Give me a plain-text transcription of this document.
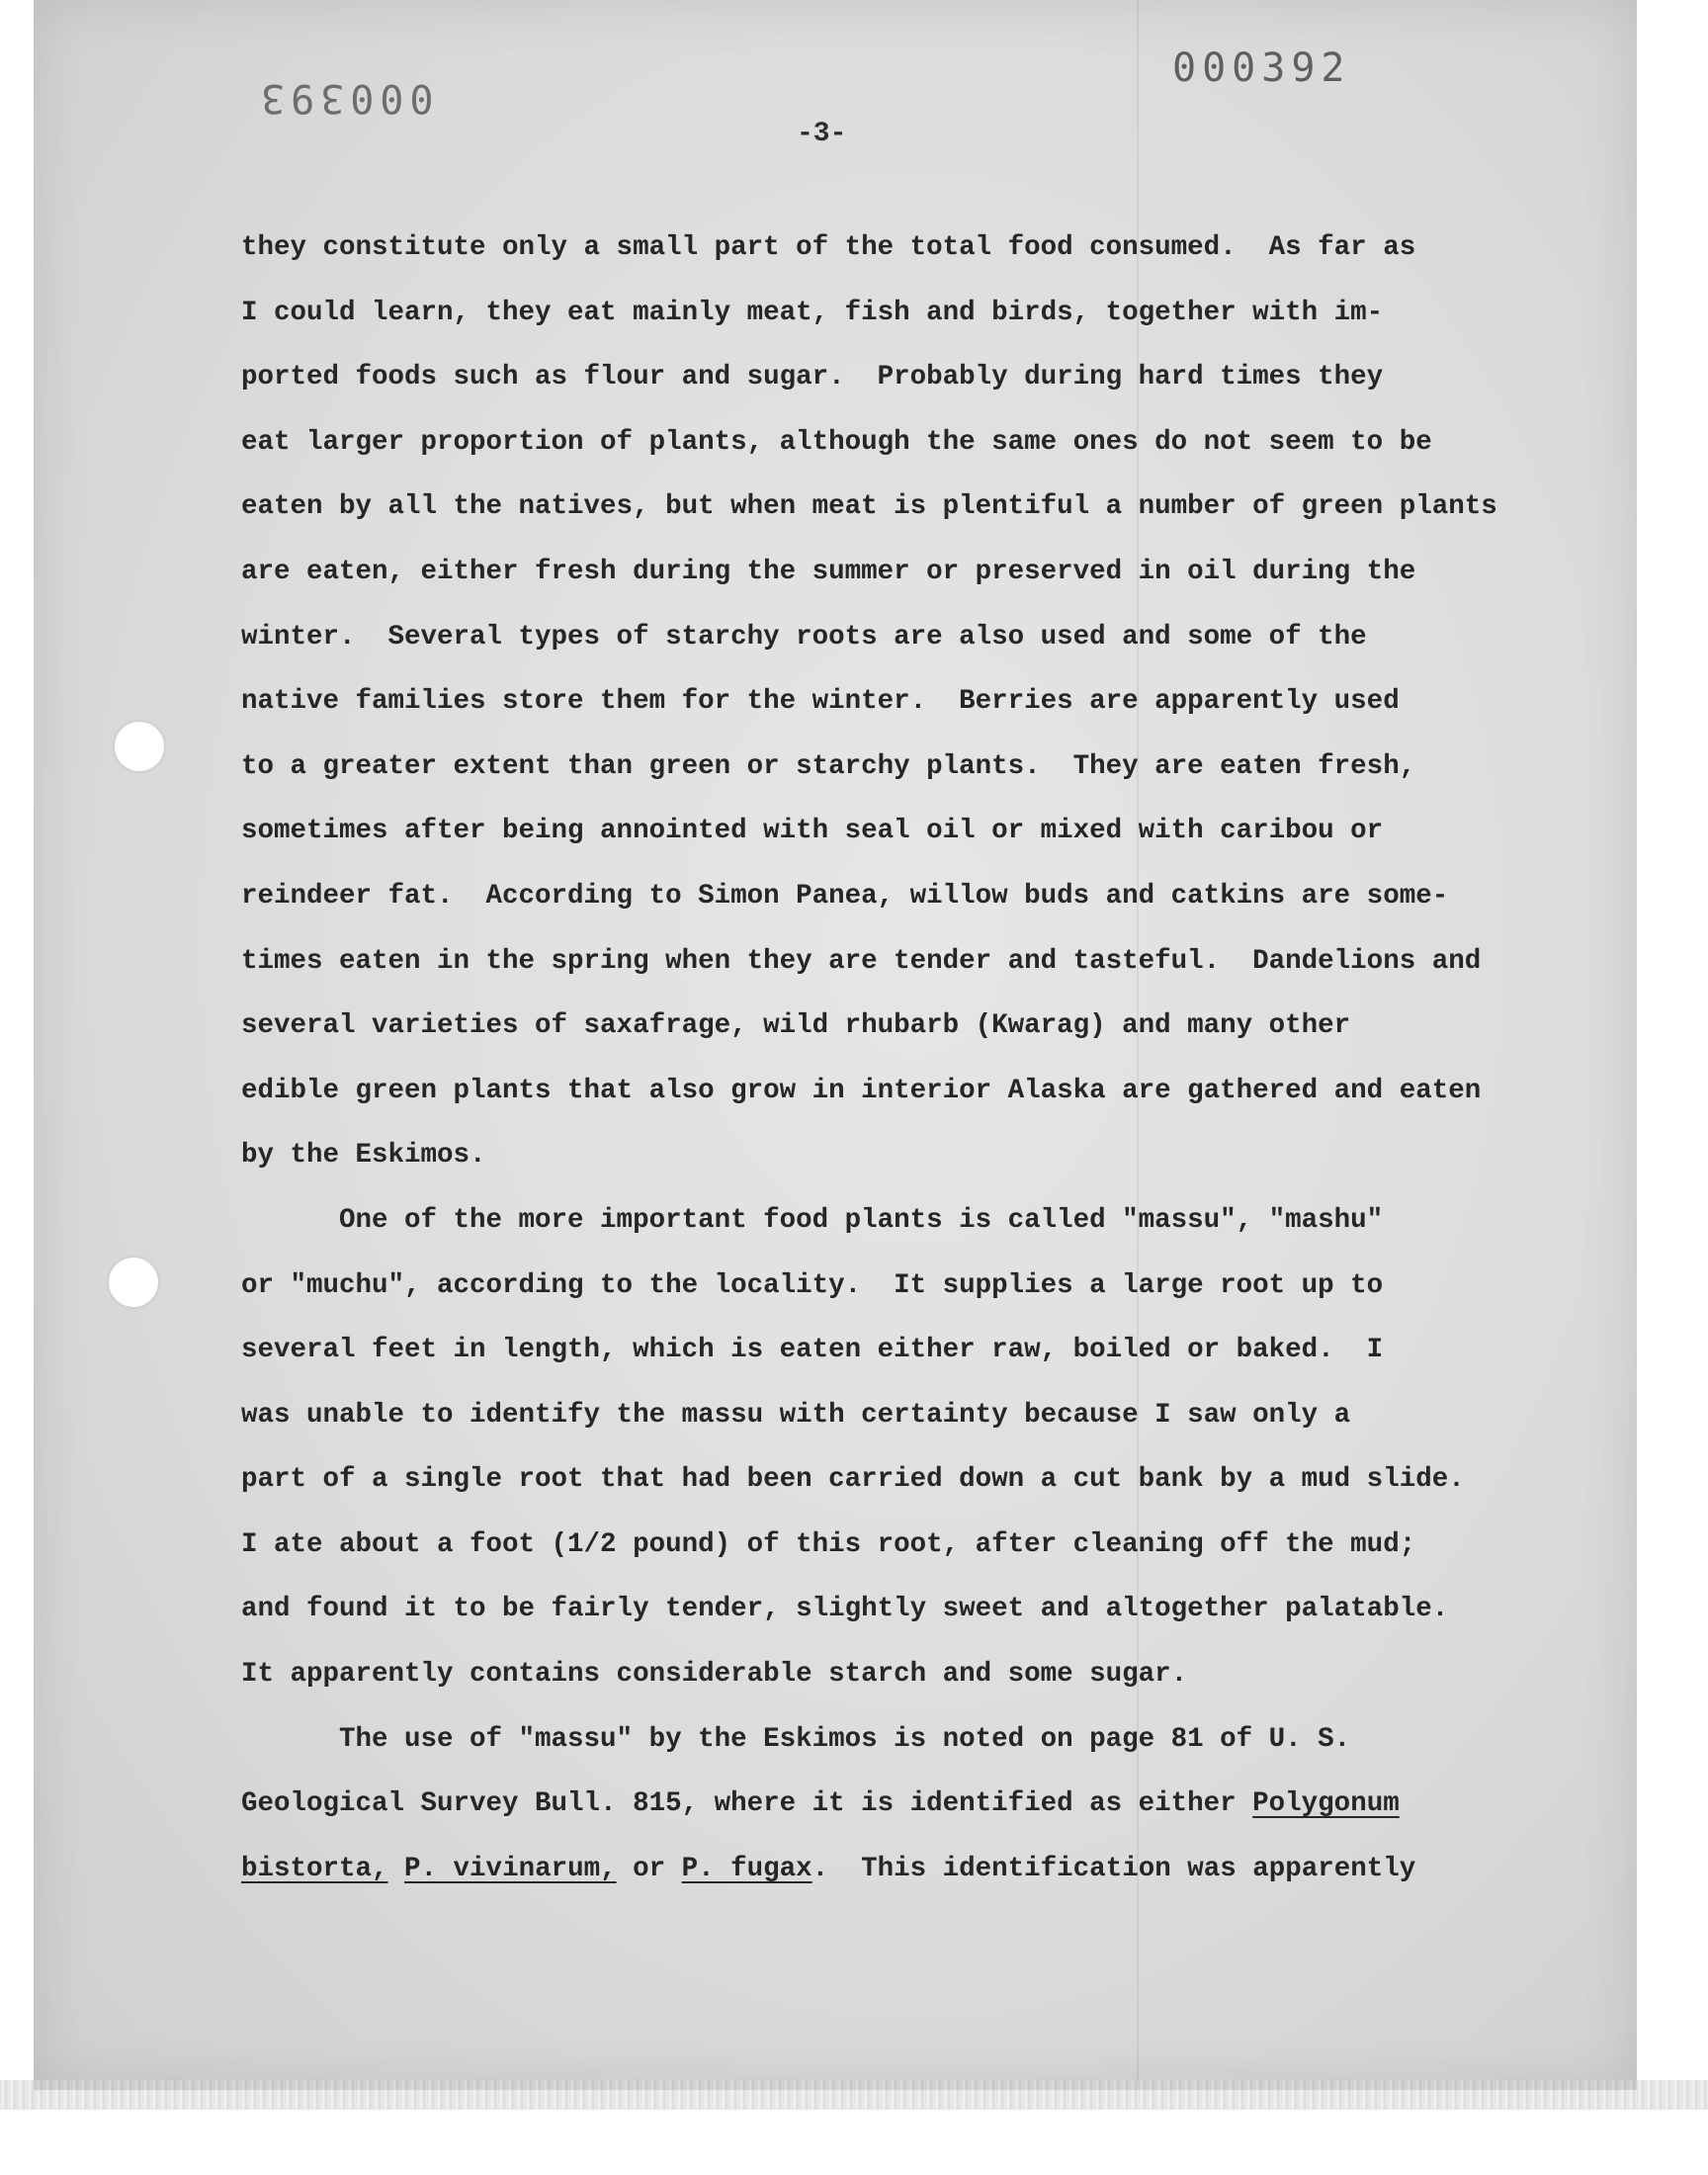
000393
000392
-3-
they constitute only a small part of the total food consumed.  As far as
I could learn, they eat mainly meat, fish and birds, together with im-
ported foods such as flour and sugar.  Probably during hard times they
eat larger proportion of plants, although the same ones do not seem to be
eaten by all the natives, but when meat is plentiful a number of green plants
are eaten, either fresh during the summer or preserved in oil during the
winter.  Several types of starchy roots are also used and some of the
native families store them for the winter.  Berries are apparently used
to a greater extent than green or starchy plants.  They are eaten fresh,
sometimes after being annointed with seal oil or mixed with caribou or
reindeer fat.  According to Simon Panea, willow buds and catkins are some-
times eaten in the spring when they are tender and tasteful.  Dandelions and
several varieties of saxafrage, wild rhubarb (Kwarag) and many other
edible green plants that also grow in interior Alaska are gathered and eaten
by the Eskimos.
One of the more important food plants is called "massu", "mashu"
or "muchu", according to the locality.  It supplies a large root up to
several feet in length, which is eaten either raw, boiled or baked.  I
was unable to identify the massu with certainty because I saw only a
part of a single root that had been carried down a cut bank by a mud slide.
I ate about a foot (1/2 pound) of this root, after cleaning off the mud;
and found it to be fairly tender, slightly sweet and altogether palatable.
It apparently contains considerable starch and some sugar.
The use of "massu" by the Eskimos is noted on page 81 of U. S.
Geological Survey Bull. 815, where it is identified as either Polygonum
bistorta, P. vivinarum, or P. fugax.  This identification was apparently
